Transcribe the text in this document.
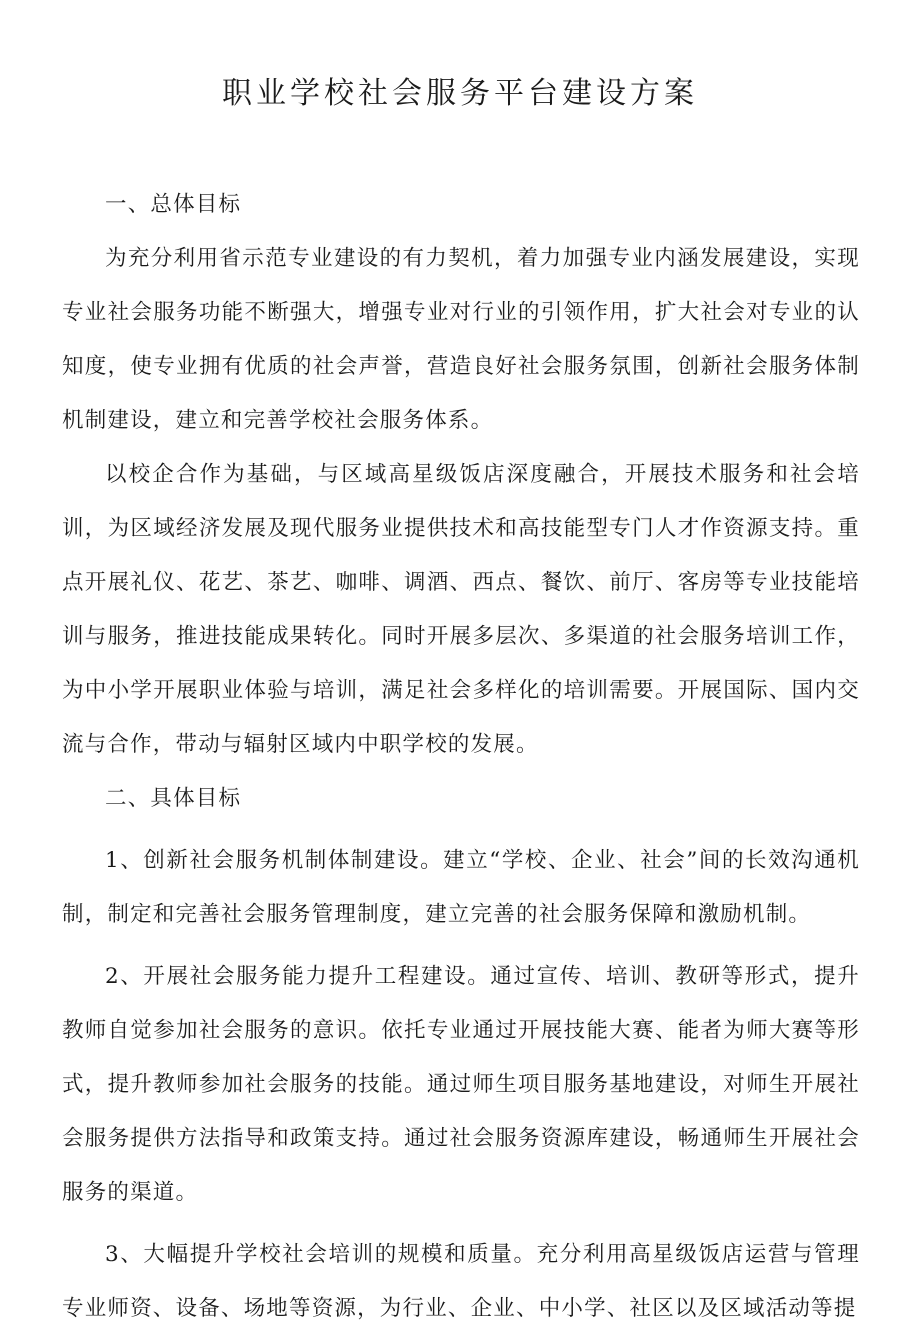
职业学校社会服务平台建设方案

一、总体目标

为充分利用省示范专业建设的有力契机，着力加强专业内涵发展建设，实现专业社会服务功能不断强大，增强专业对行业的引领作用，扩大社会对专业的认知度，使专业拥有优质的社会声誉，营造良好社会服务氛围，创新社会服务体制机制建设，建立和完善学校社会服务体系。

以校企合作为基础，与区域高星级饭店深度融合，开展技术服务和社会培训，为区域经济发展及现代服务业提供技术和高技能型专门人才作资源支持。重点开展礼仪、花艺、茶艺、咖啡、调酒、西点、餐饮、前厅、客房等专业技能培训与服务，推进技能成果转化。同时开展多层次、多渠道的社会服务培训工作，为中小学开展职业体验与培训，满足社会多样化的培训需要。开展国际、国内交流与合作，带动与辐射区域内中职学校的发展。

二、具体目标

1、创新社会服务机制体制建设。建立“学校、企业、社会”间的长效沟通机制，制定和完善社会服务管理制度，建立完善的社会服务保障和激励机制。

2、开展社会服务能力提升工程建设。通过宣传、培训、教研等形式，提升教师自觉参加社会服务的意识。依托专业通过开展技能大赛、能者为师大赛等形式，提升教师参加社会服务的技能。通过师生项目服务基地建设，对师生开展社会服务提供方法指导和政策支持。通过社会服务资源库建设，畅通师生开展社会服务的渠道。

3、大幅提升学校社会培训的规模和质量。充分利用高星级饭店运营与管理专业师资、设备、场地等资源，为行业、企业、中小学、社区以及区域活动等提
